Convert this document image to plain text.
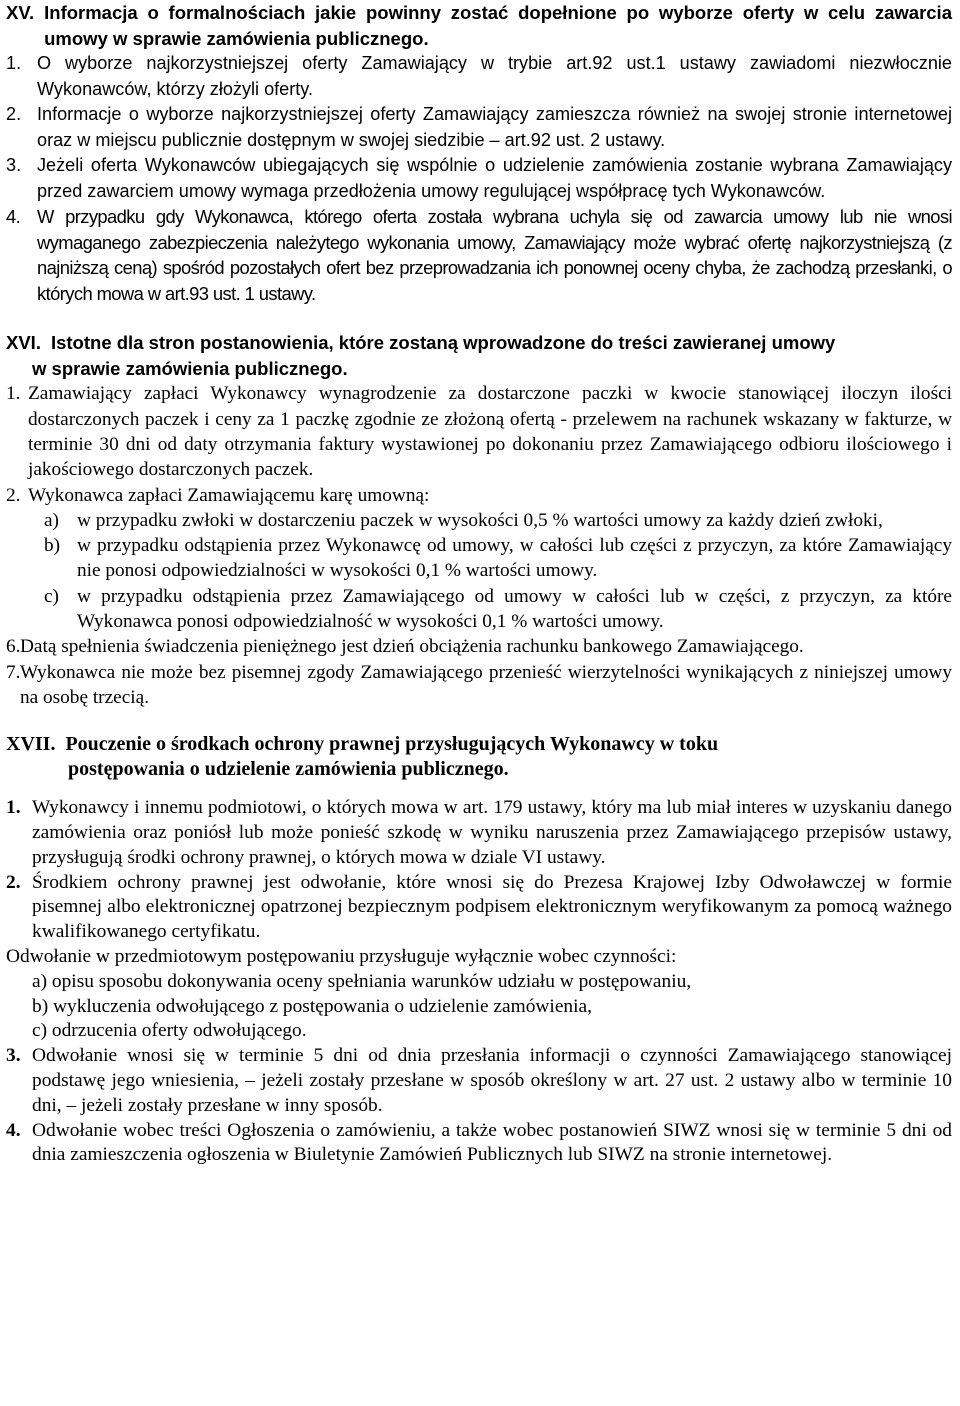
XV. Informacja o formalnościach jakie powinny zostać dopełnione po wyborze oferty w celu zawarcia umowy w sprawie zamówienia publicznego.
1. O wyborze najkorzystniejszej oferty Zamawiający w trybie art.92 ust.1 ustawy zawiadomi niezwłocznie Wykonawców, którzy złożyli oferty.
2. Informacje o wyborze najkorzystniejszej oferty Zamawiający zamieszcza również na swojej stronie internetowej oraz w miejscu publicznie dostępnym w swojej siedzibie – art.92 ust. 2 ustawy.
3. Jeżeli oferta Wykonawców ubiegających się wspólnie o udzielenie zamówienia zostanie wybrana Zamawiający przed zawarciem umowy wymaga przedłożenia umowy regulującej współpracę tych Wykonawców.
4. W przypadku gdy Wykonawca, którego oferta została wybrana uchyla się od zawarcia umowy lub nie wnosi wymaganego zabezpieczenia należytego wykonania umowy, Zamawiający może wybrać ofertę najkorzystniejszą (z najniższą ceną) spośród pozostałych ofert bez przeprowadzania ich ponownej oceny chyba, że zachodzą przesłanki, o których mowa w art.93 ust. 1 ustawy.
XVI. Istotne dla stron postanowienia, które zostaną wprowadzone do treści zawieranej umowy

w sprawie zamówienia publicznego.

1. Zamawiający zapłaci Wykonawcy wynagrodzenie za dostarczone paczki w kwocie stanowiącej iloczyn ilości dostarczonych paczek i ceny za 1 paczkę zgodnie ze złożoną ofertą - przelewem na rachunek wskazany w fakturze, w terminie 30 dni od daty otrzymania faktury wystawionej po dokonaniu przez Zamawiającego odbioru ilościowego i jakościowego dostarczonych paczek.
2. Wykonawca zapłaci Zamawiającemu karę umowną:
a) w przypadku zwłoki w dostarczeniu paczek w wysokości 0,5 % wartości umowy za każdy dzień zwłoki,
b) w przypadku odstąpienia przez Wykonawcę od umowy, w całości lub części z przyczyn, za które Zamawiający nie ponosi odpowiedzialności w wysokości 0,1 % wartości umowy.
c) w przypadku odstąpienia przez Zamawiającego od umowy w całości lub w części, z przyczyn, za które Wykonawca ponosi odpowiedzialność w wysokości 0,1 % wartości umowy.
6. Datą spełnienia świadczenia pieniężnego jest dzień obciążenia rachunku bankowego Zamawiającego.
7. Wykonawca nie może bez pisemnej zgody Zamawiającego przenieść wierzytelności wynikających z niniejszej umowy na osobę trzecią.
XVII. Pouczenie o środkach ochrony prawnej przysługujących Wykonawcy w toku

postępowania o udzielenie zamówienia publicznego.

1. Wykonawcy i innemu podmiotowi, o których mowa w art. 179 ustawy, który ma lub miał interes w uzyskaniu danego zamówienia oraz poniósł lub może ponieść szkodę w wyniku naruszenia przez Zamawiającego przepisów ustawy, przysługują środki ochrony prawnej, o których mowa w dziale VI ustawy.
2. Środkiem ochrony prawnej jest odwołanie, które wnosi się do Prezesa Krajowej Izby Odwoławczej w formie pisemnej albo elektronicznej opatrzonej bezpiecznym podpisem elektronicznym weryfikowanym za pomocą ważnego kwalifikowanego certyfikatu.

Odwołanie w przedmiotowym postępowaniu przysługuje wyłącznie wobec czynności:

a) opisu sposobu dokonywania oceny spełniania warunków udziału w postępowaniu,

b) wykluczenia odwołującego z postępowania o udzielenie zamówienia,

c) odrzucenia oferty odwołującego.

3. Odwołanie wnosi się w terminie 5 dni od dnia przesłania informacji o czynności Zamawiającego stanowiącej podstawę jego wniesienia, – jeżeli zostały przesłane w sposób określony w art. 27 ust. 2 ustawy albo w terminie 10 dni, – jeżeli zostały przesłane w inny sposób.
4. Odwołanie wobec treści Ogłoszenia o zamówieniu, a także wobec postanowień SIWZ wnosi się w terminie 5 dni od dnia zamieszczenia ogłoszenia w Biuletynie Zamówień Publicznych lub SIWZ na stronie internetowej.
